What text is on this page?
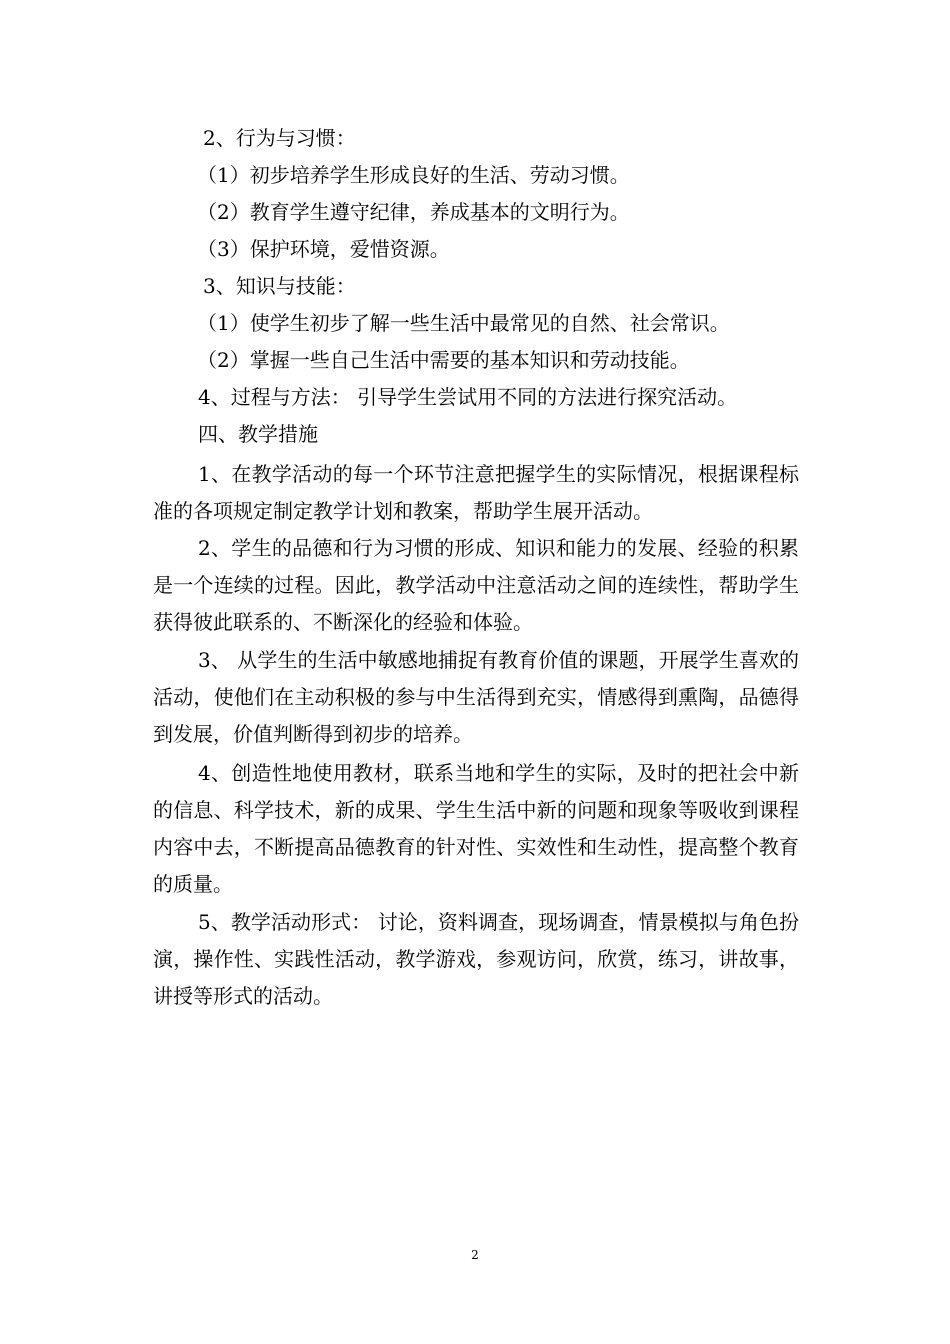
2、行为与习惯：
（1）初步培养学生形成良好的生活、劳动习惯。
（2）教育学生遵守纪律，养成基本的文明行为。
（3）保护环境，爱惜资源。
3、知识与技能：
（1）使学生初步了解一些生活中最常见的自然、社会常识。
（2）掌握一些自己生活中需要的基本知识和劳动技能。
4、过程与方法： 引导学生尝试用不同的方法进行探究活动。
四、教学措施
1、在教学活动的每一个环节注意把握学生的实际情况，根据课程标准的各项规定制定教学计划和教案，帮助学生展开活动。
2、学生的品德和行为习惯的形成、知识和能力的发展、经验的积累是一个连续的过程。因此，教学活动中注意活动之间的连续性，帮助学生获得彼此联系的、不断深化的经验和体验。
3、 从学生的生活中敏感地捕捉有教育价值的课题，开展学生喜欢的活动，使他们在主动积极的参与中生活得到充实，情感得到熏陶，品德得到发展，价值判断得到初步的培养。
4、创造性地使用教材，联系当地和学生的实际，及时的把社会中新的信息、科学技术，新的成果、学生生活中新的问题和现象等吸收到课程内容中去，不断提高品德教育的针对性、实效性和生动性，提高整个教育的质量。
5、教学活动形式： 讨论，资料调查，现场调查，情景模拟与角色扮演，操作性、实践性活动，教学游戏，参观访问，欣赏，练习，讲故事，讲授等形式的活动。
2
